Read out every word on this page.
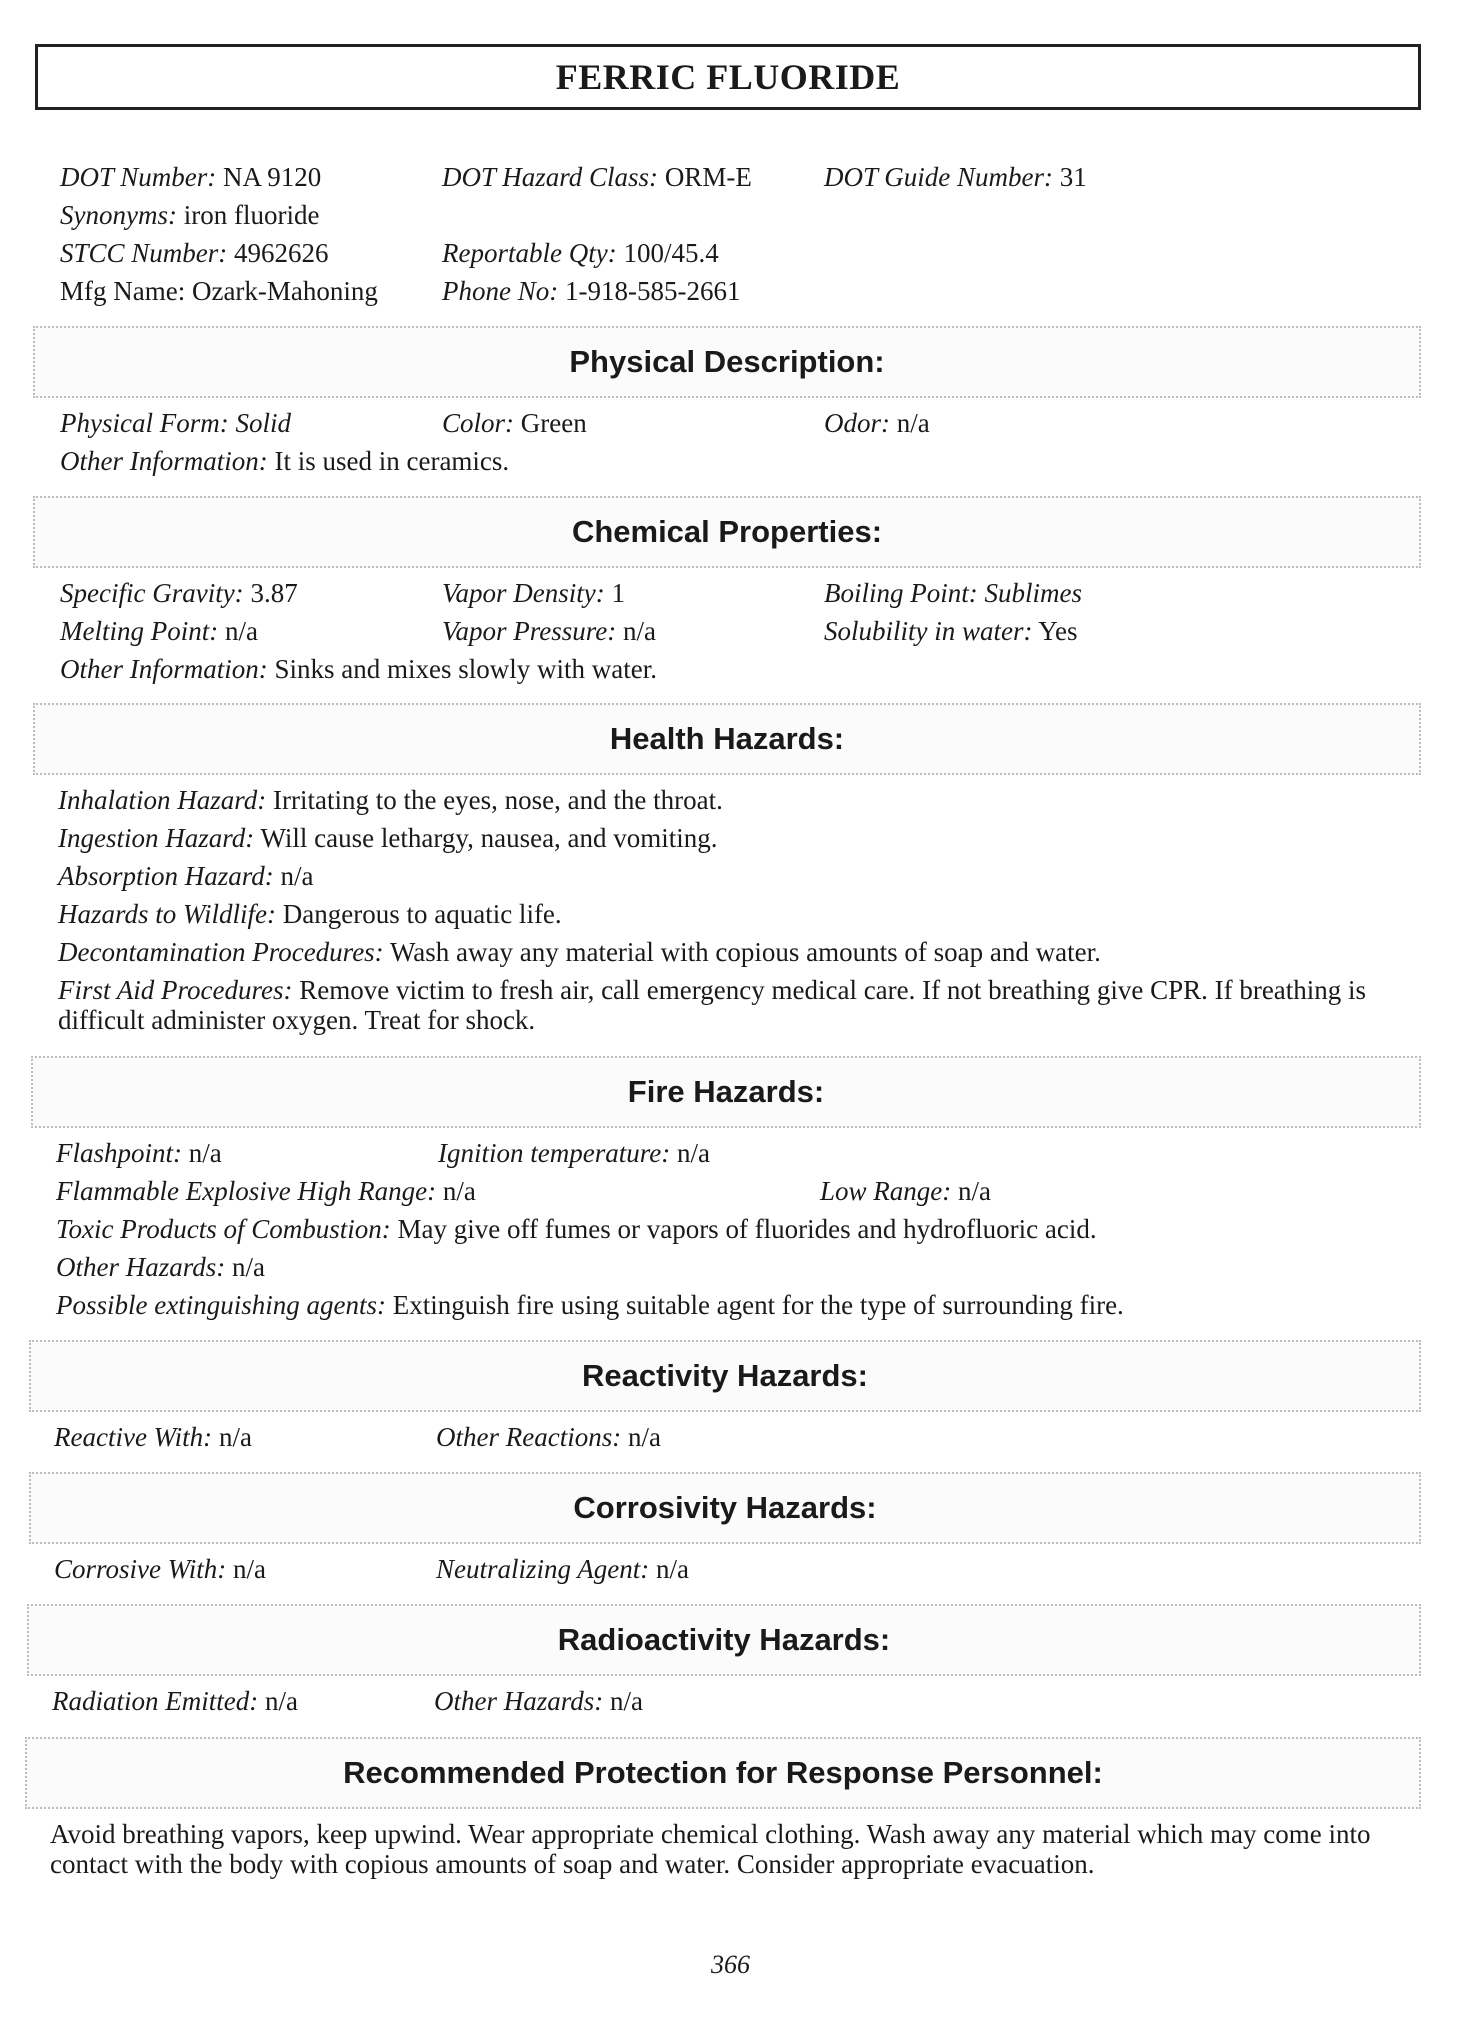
FERRIC FLUORIDE
DOT Number: NA 9120	DOT Hazard Class: ORM-E	DOT Guide Number: 31
Synonyms: iron fluoride
STCC Number: 4962626	Reportable Qty: 100/45.4
Mfg Name: Ozark-Mahoning Phone No: 1-918-585-2661
Physical Description:
Physical Form: Solid	Color: Green	Odor: n/a
Other Information: It is used in ceramics.
Chemical Properties:
Specific Gravity: 3.87	Vapor Density: 1	Boiling Point: Sublimes
Melting Point: n/a	Vapor Pressure: n/a	Solubility in water: Yes
Other Information: Sinks and mixes slowly with water.
Health Hazards:
Inhalation Hazard: Irritating to the eyes, nose, and the throat.
Ingestion Hazard: Will cause lethargy, nausea, and vomiting.
Absorption Hazard: n/a
Hazards to Wildlife: Dangerous to aquatic life.
Decontamination Procedures: Wash away any material with copious amounts of soap and water.
First Aid Procedures: Remove victim to fresh air, call emergency medical care. If not breathing give CPR. If breathing is difficult administer oxygen. Treat for shock.
Fire Hazards:
Flashpoint: n/a	Ignition temperature: n/a
Flammable Explosive High Range: n/a	Low Range: n/a
Toxic Products of Combustion: May give off fumes or vapors of fluorides and hydrofluoric acid.
Other Hazards: n/a
Possible extinguishing agents: Extinguish fire using suitable agent for the type of surrounding fire.
Reactivity Hazards:
Reactive With: n/a	Other Reactions: n/a
Corrosivity Hazards:
Corrosive With: n/a	Neutralizing Agent: n/a
Radioactivity Hazards:
Radiation Emitted: n/a	Other Hazards: n/a
Recommended Protection for Response Personnel:
Avoid breathing vapors, keep upwind. Wear appropriate chemical clothing. Wash away any material which may come into contact with the body with copious amounts of soap and water. Consider appropriate evacuation.
366
